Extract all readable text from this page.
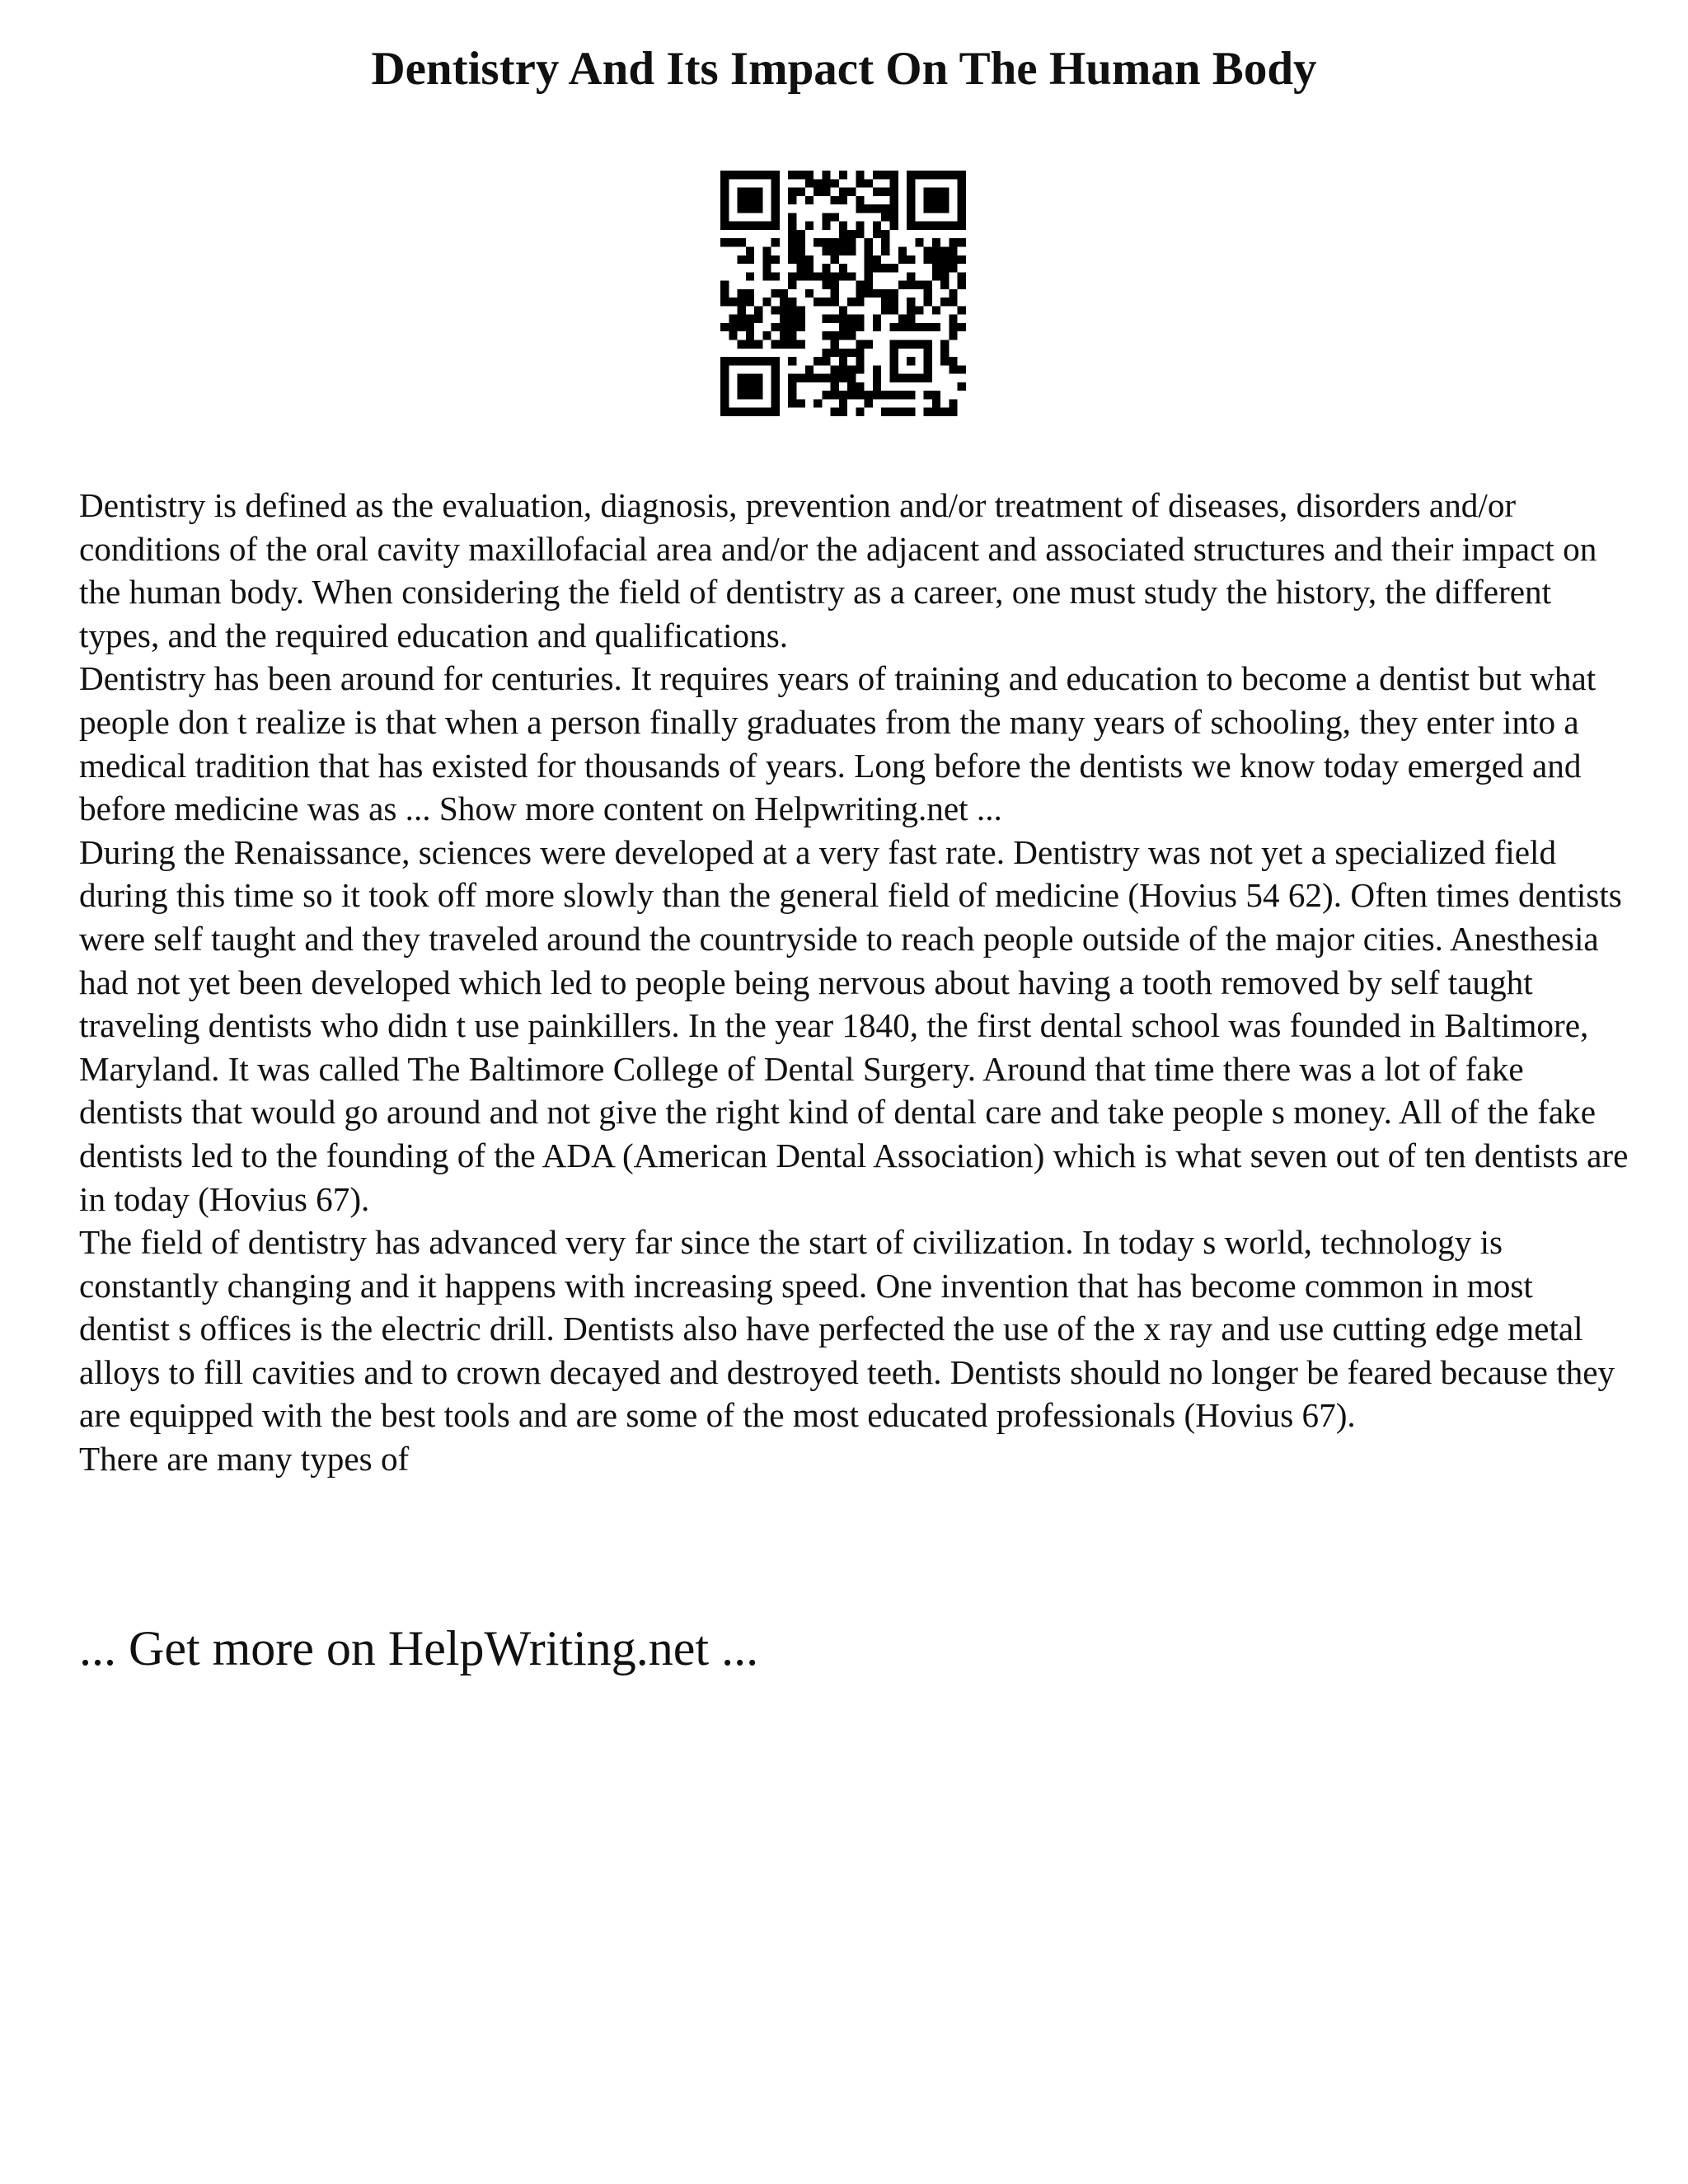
Dentistry And Its Impact On The Human Body

Dentistry is defined as the evaluation, diagnosis, prevention and/or treatment of diseases, disorders and/or conditions of the oral cavity maxillofacial area and/or the adjacent and associated structures and their impact on the human body. When considering the field of dentistry as a career, one must study the history, the different types, and the required education and qualifications.

Dentistry has been around for centuries. It requires years of training and education to become a dentist but what people don t realize is that when a person finally graduates from the many years of schooling, they enter into a medical tradition that has existed for thousands of years. Long before the dentists we know today emerged and before medicine was as ... Show more content on Helpwriting.net ...

During the Renaissance, sciences were developed at a very fast rate. Dentistry was not yet a specialized field during this time so it took off more slowly than the general field of medicine (Hovius 54 62). Often times dentists were self taught and they traveled around the countryside to reach people outside of the major cities. Anesthesia had not yet been developed which led to people being nervous about having a tooth removed by self taught traveling dentists who didn t use painkillers. In the year 1840, the first dental school was founded in Baltimore, Maryland. It was called The Baltimore College of Dental Surgery. Around that time there was a lot of fake dentists that would go around and not give the right kind of dental care and take people s money. All of the fake dentists led to the founding of the ADA (American Dental Association) which is what seven out of ten dentists are in today (Hovius 67).

The field of dentistry has advanced very far since the start of civilization. In today s world, technology is constantly changing and it happens with increasing speed. One invention that has become common in most dentist s offices is the electric drill. Dentists also have perfected the use of the x ray and use cutting edge metal alloys to fill cavities and to crown decayed and destroyed teeth. Dentists should no longer be feared because they are equipped with the best tools and are some of the most educated professionals (Hovius 67).

There are many types of

... Get more on HelpWriting.net ...
